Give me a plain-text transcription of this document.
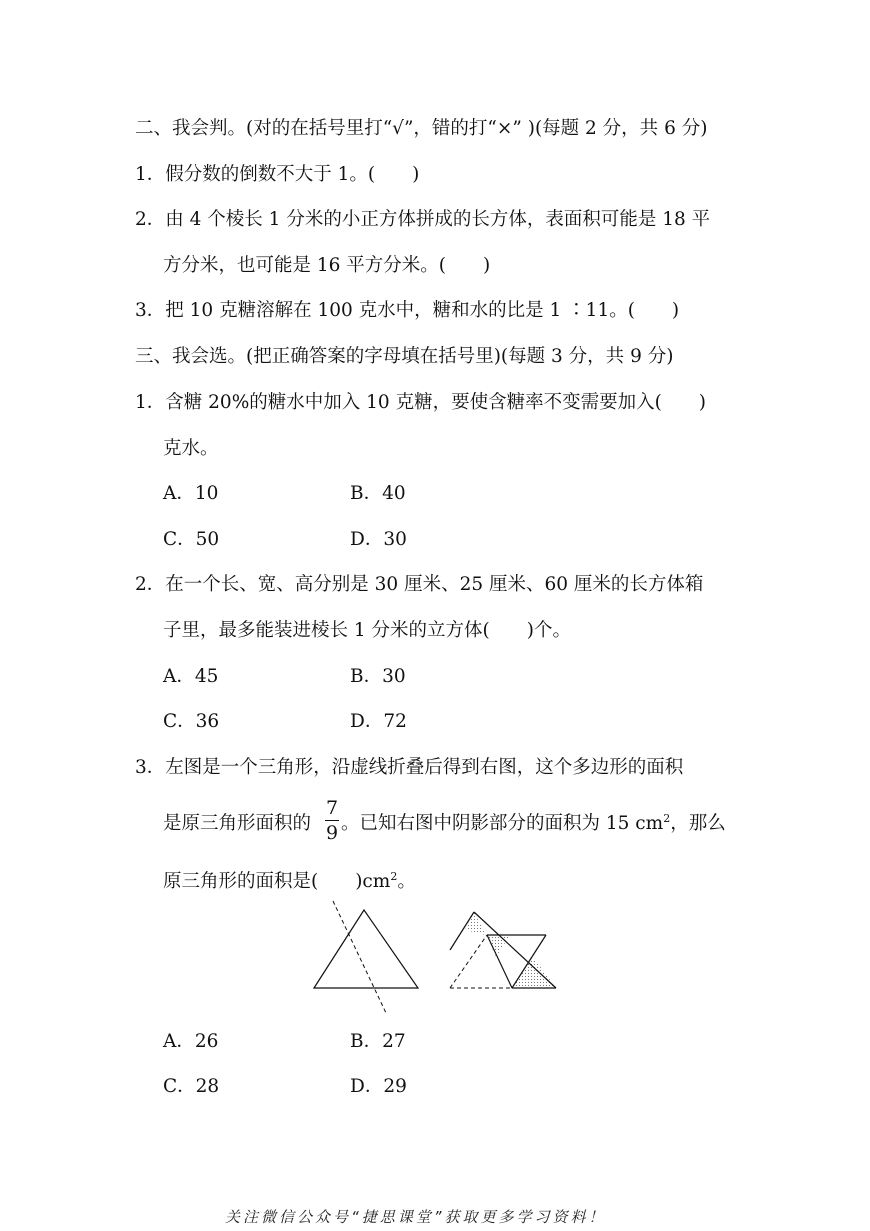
二、我会判。(对的在括号里打“√”，错的打“×” )(每题 2 分，共 6 分)
1．假分数的倒数不大于 1。(　　)
2．由 4 个棱长 1 分米的小正方体拼成的长方体，表面积可能是 18 平
方分米，也可能是 16 平方分米。(　　)
3．把 10 克糖溶解在 100 克水中，糖和水的比是 1 ∶11。(　　)
三、我会选。(把正确答案的字母填在括号里)(每题 3 分，共 9 分)
1．含糖 20%的糖水中加入 10 克糖，要使含糖率不变需要加入(　　)
克水。
A．10	B．40
C．50	D．30
2．在一个长、宽、高分别是 30 厘米、25 厘米、60 厘米的长方体箱
子里，最多能装进棱长 1 分米的立方体(　　)个。
A．45	B．30
C．36	D．72
3．左图是一个三角形，沿虚线折叠后得到右图，这个多边形的面积
是原三角形面积的
7
9 。已知右图中阴影部分的面积为 15 $cm^2$，那么
原三角形的面积是(　　)$cm^2$。
A．26	B．27
C．28	D．29
关注微信公众号“捷思课堂”获取更多学习资料！
